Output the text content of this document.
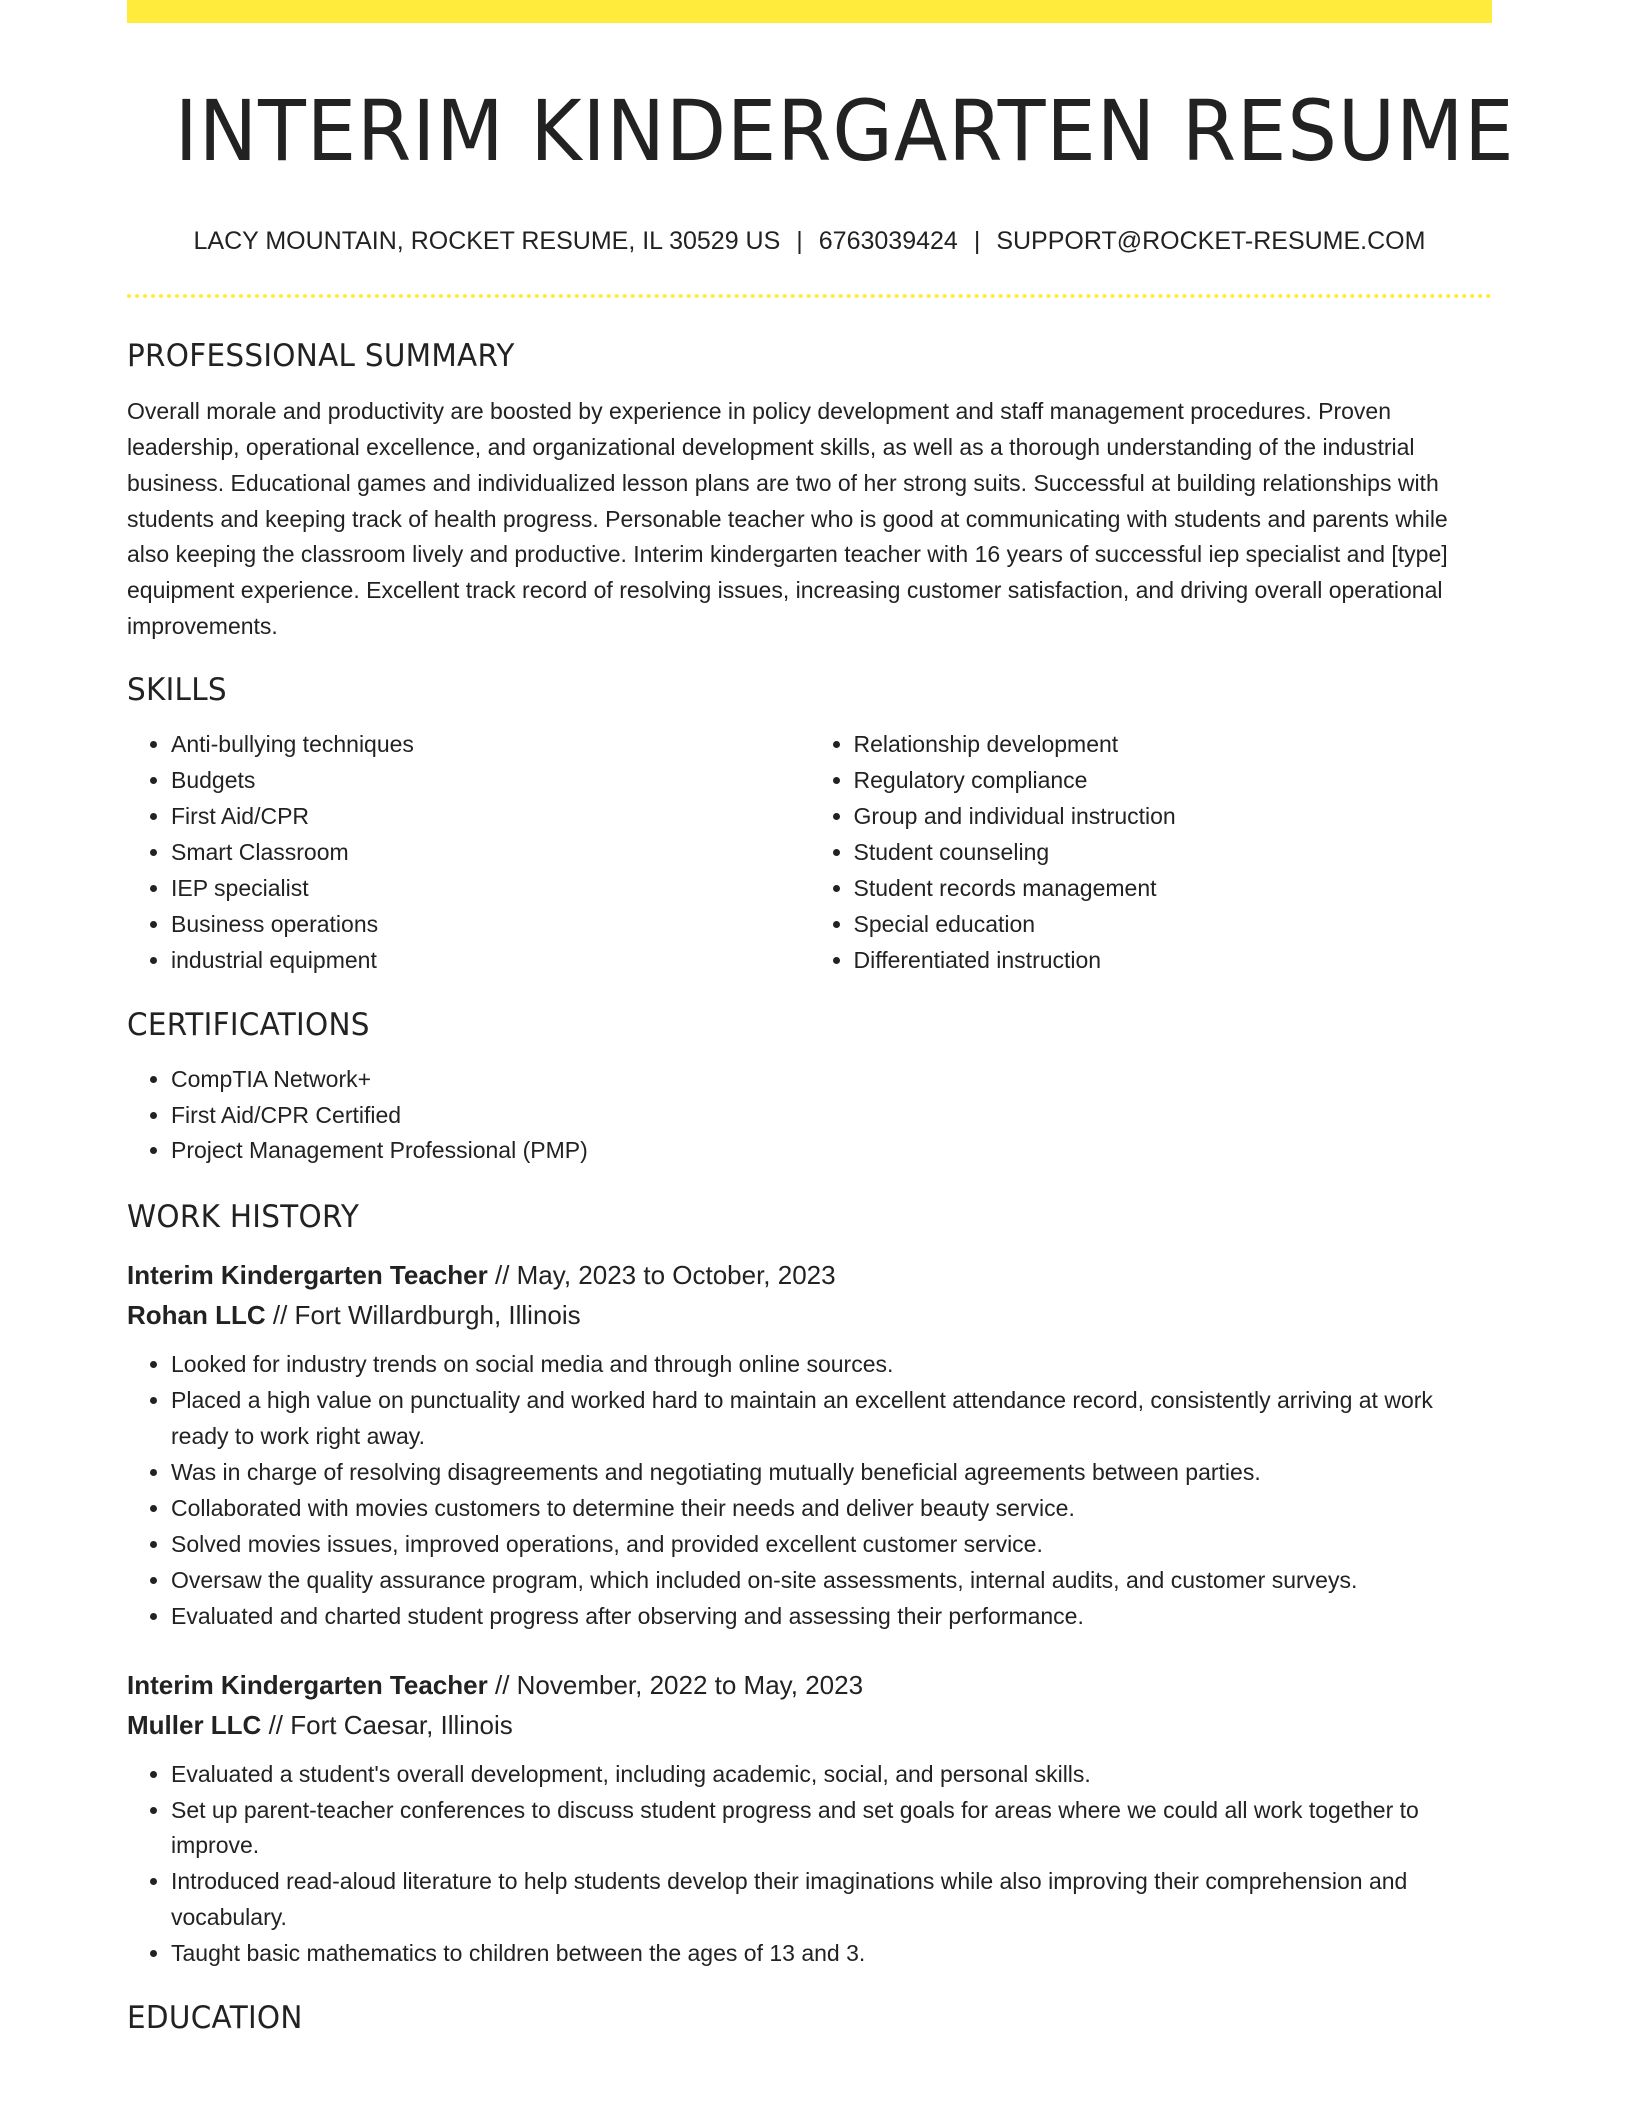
INTERIM KINDERGARTEN RESUME
LACY MOUNTAIN, ROCKET RESUME, IL 30529 US | 6763039424 | SUPPORT@ROCKET-RESUME.COM
PROFESSIONAL SUMMARY

Overall morale and productivity are boosted by experience in policy development and staff management procedures. Proven leadership, operational excellence, and organizational development skills, as well as a thorough understanding of the industrial business. Educational games and individualized lesson plans are two of her strong suits. Successful at building relationships with students and keeping track of health progress. Personable teacher who is good at communicating with students and parents while also keeping the classroom lively and productive. Interim kindergarten teacher with 16 years of successful iep specialist and [type] equipment experience. Excellent track record of resolving issues, increasing customer satisfaction, and driving overall operational improvements.

SKILLS
• Anti-bullying techniques
• Budgets
• First Aid/CPR
• Smart Classroom
• IEP specialist
• Business operations
• industrial equipment
• Relationship development
• Regulatory compliance
• Group and individual instruction
• Student counseling
• Student records management
• Special education
• Differentiated instruction
CERTIFICATIONS
• CompTIA Network+
• First Aid/CPR Certified
• Project Management Professional (PMP)
WORK HISTORY

Interim Kindergarten Teacher // May, 2023 to October, 2023

Rohan LLC // Fort Willardburgh, Illinois

• Looked for industry trends on social media and through online sources.
• Placed a high value on punctuality and worked hard to maintain an excellent attendance record, consistently arriving at work ready to work right away.
• Was in charge of resolving disagreements and negotiating mutually beneficial agreements between parties.
• Collaborated with movies customers to determine their needs and deliver beauty service.
• Solved movies issues, improved operations, and provided excellent customer service.
• Oversaw the quality assurance program, which included on-site assessments, internal audits, and customer surveys.
• Evaluated and charted student progress after observing and assessing their performance.

Interim Kindergarten Teacher // November, 2022 to May, 2023

Muller LLC // Fort Caesar, Illinois

• Evaluated a student's overall development, including academic, social, and personal skills.
• Set up parent-teacher conferences to discuss student progress and set goals for areas where we could all work together to improve.
• Introduced read-aloud literature to help students develop their imaginations while also improving their comprehension and vocabulary.
• Taught basic mathematics to children between the ages of 13 and 3.
EDUCATION
